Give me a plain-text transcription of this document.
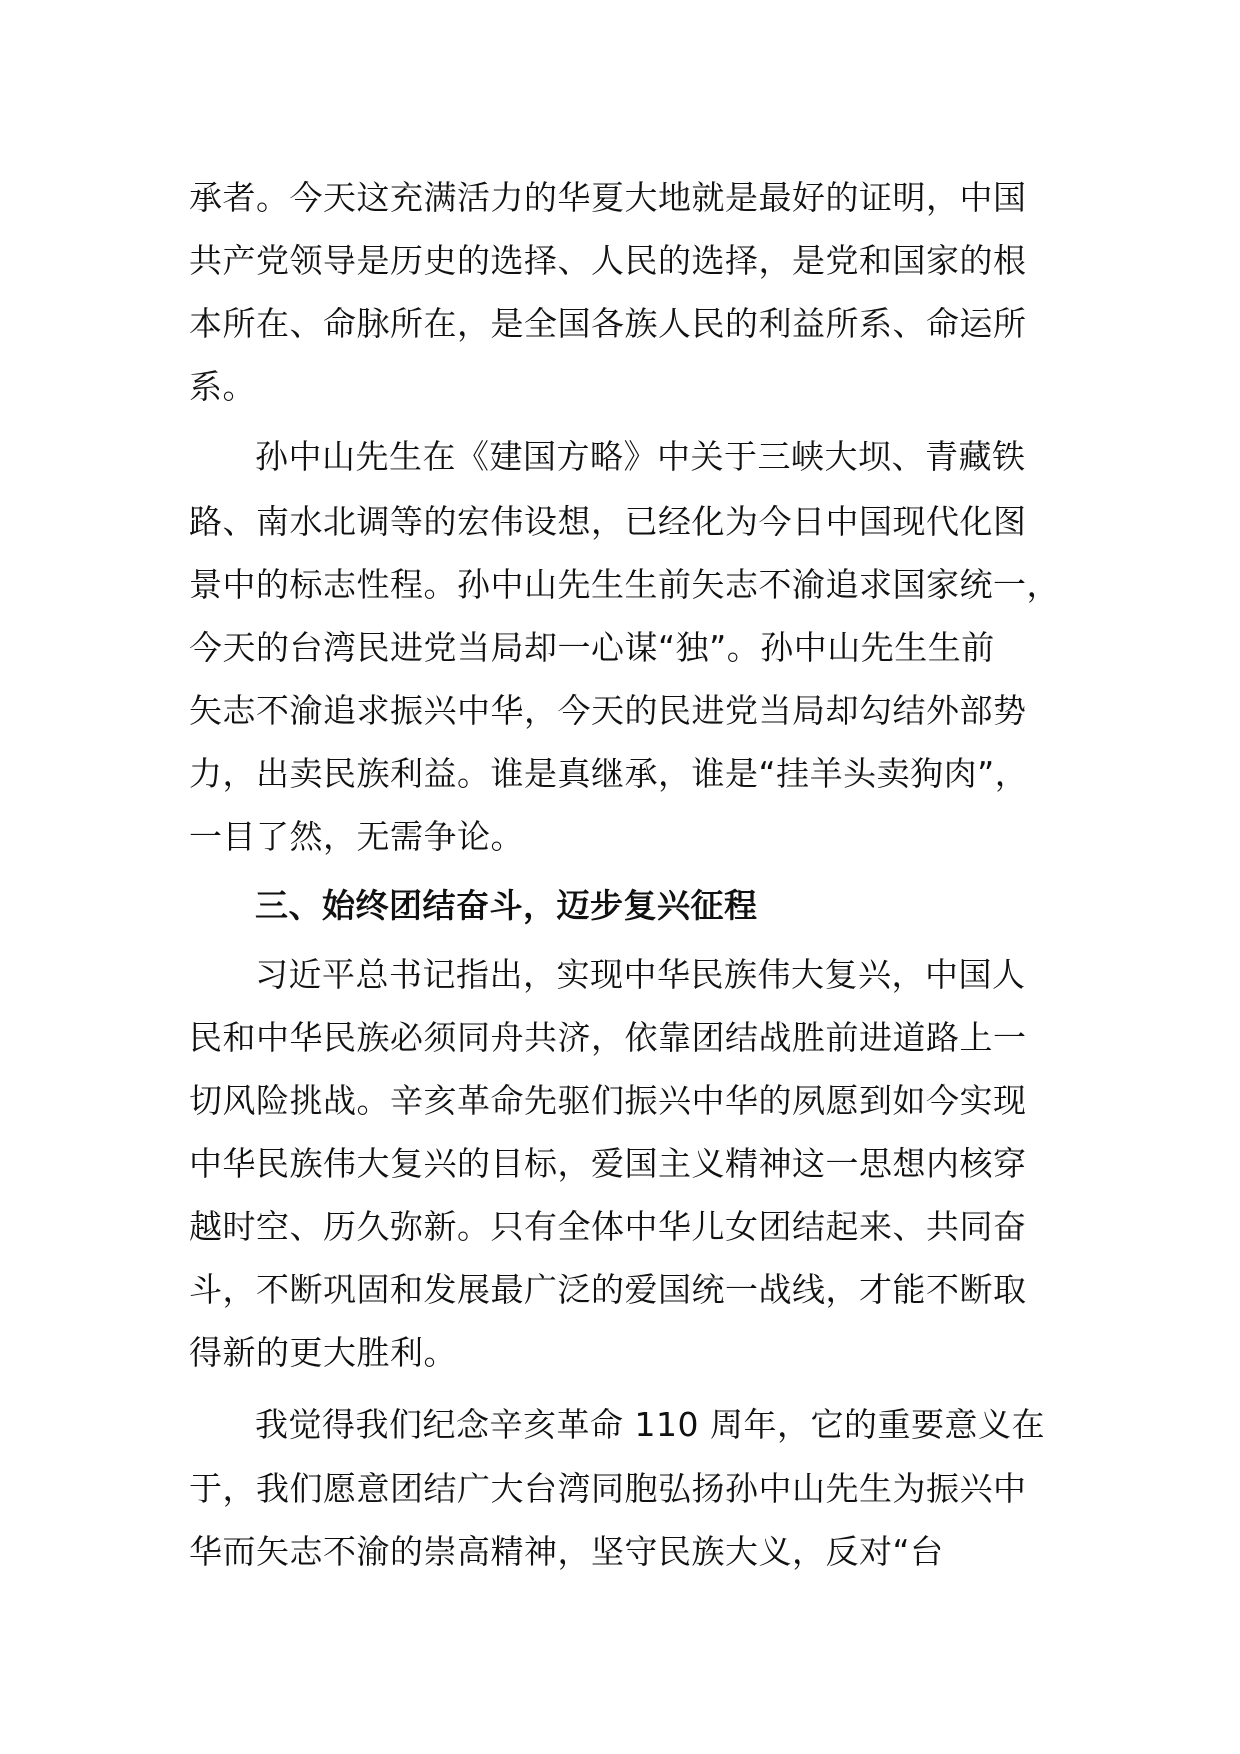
承者。今天这充满活力的华夏大地就是最好的证明，中国
共产党领导是历史的选择、人民的选择，是党和国家的根
本所在、命脉所在，是全国各族人民的利益所系、命运所
系。
孙中山先生在《建国方略》中关于三峡大坝、青藏铁
路、南水北调等的宏伟设想，已经化为今日中国现代化图
景中的标志性程。孙中山先生生前矢志不渝追求国家统一，
今天的台湾民进党当局却一心谋“独”。孙中山先生生前
矢志不渝追求振兴中华，今天的民进党当局却勾结外部势
力，出卖民族利益。谁是真继承，谁是“挂羊头卖狗肉”，
一目了然，无需争论。
三、始终团结奋斗，迈步复兴征程
习近平总书记指出，实现中华民族伟大复兴，中国人
民和中华民族必须同舟共济，依靠团结战胜前进道路上一
切风险挑战。辛亥革命先驱们振兴中华的夙愿到如今实现
中华民族伟大复兴的目标，爱国主义精神这一思想内核穿
越时空、历久弥新。只有全体中华儿女团结起来、共同奋
斗，不断巩固和发展最广泛的爱国统一战线，才能不断取
得新的更大胜利。
我觉得我们纪念辛亥革命 110 周年，它的重要意义在
于，我们愿意团结广大台湾同胞弘扬孙中山先生为振兴中
华而矢志不渝的崇高精神，坚守民族大义，反对“台
